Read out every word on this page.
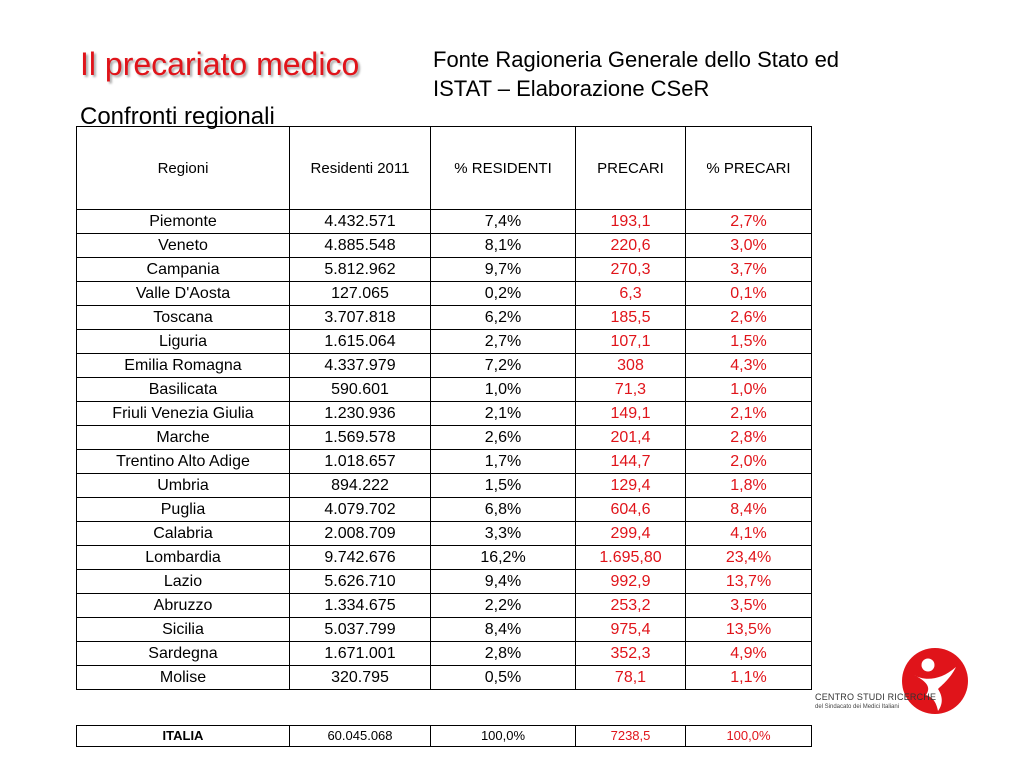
Il precariato medico
Confronti regionali
Fonte Ragioneria Generale dello Stato ed
ISTAT – Elaborazione CSeR
Regioni	Residenti 2011	% RESIDENTI	PRECARI	% PRECARI
Piemonte	4.432.571	7,4%	193,1	2,7%
Veneto	4.885.548	8,1%	220,6	3,0%
Campania	5.812.962	9,7%	270,3	3,7%
Valle D'Aosta	127.065	0,2%	6,3	0,1%
Toscana	3.707.818	6,2%	185,5	2,6%
Liguria	1.615.064	2,7%	107,1	1,5%
Emilia Romagna	4.337.979	7,2%	308	4,3%
Basilicata	590.601	1,0%	71,3	1,0%
Friuli Venezia Giulia	1.230.936	2,1%	149,1	2,1%
Marche	1.569.578	2,6%	201,4	2,8%
Trentino Alto Adige	1.018.657	1,7%	144,7	2,0%
Umbria	894.222	1,5%	129,4	1,8%
Puglia	4.079.702	6,8%	604,6	8,4%
Calabria	2.008.709	3,3%	299,4	4,1%
Lombardia	9.742.676	16,2%	1.695,80	23,4%
Lazio	5.626.710	9,4%	992,9	13,7%
Abruzzo	1.334.675	2,2%	253,2	3,5%
Sicilia	5.037.799	8,4%	975,4	13,5%
Sardegna	1.671.001	2,8%	352,3	4,9%
Molise	320.795	0,5%	78,1	1,1%
ITALIA	60.045.068	100,0%	7238,5	100,0%
CENTRO STUDI RICERCHE
del Sindacato dei Medici Italiani
